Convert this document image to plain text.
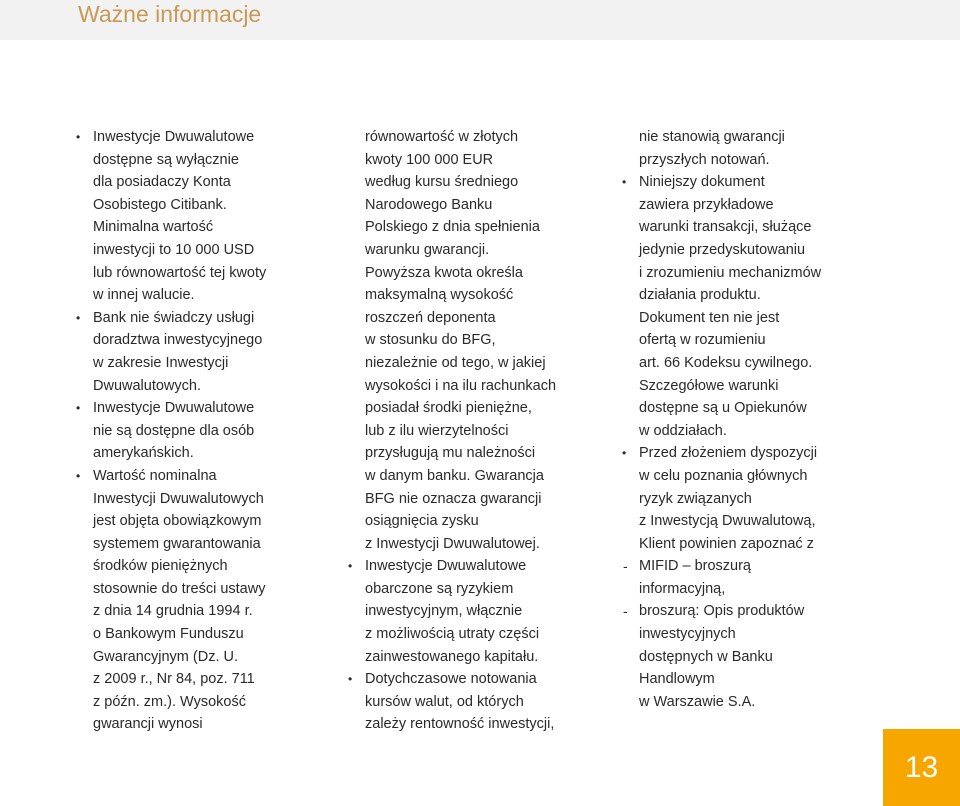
Ważne informacje
• Inwestycje Dwuwalutowe
dostępne są wyłącznie
dla posiadaczy Konta
Osobistego Citibank.
Minimalna wartość
inwestycji to 10 000 USD
lub równowartość tej kwoty
w innej walucie.
• Bank nie świadczy usługi
doradztwa inwestycyjnego
w zakresie Inwestycji
Dwuwalutowych.
• Inwestycje Dwuwalutowe
nie są dostępne dla osób
amerykańskich.
• Wartość nominalna
Inwestycji Dwuwalutowych
jest objęta obowiązkowym
systemem gwarantowania
środków pieniężnych
stosownie do treści ustawy
z dnia 14 grudnia 1994 r.
o Bankowym Funduszu
Gwarancyjnym (Dz. U.
z 2009 r., Nr 84, poz. 711
z późn. zm.). Wysokość
gwarancji wynosi
równowartość w złotych
kwoty 100 000 EUR
według kursu średniego
Narodowego Banku
Polskiego z dnia spełnienia
warunku gwarancji.
Powyższa kwota określa
maksymalną wysokość
roszczeń deponenta
w stosunku do BFG,
niezależnie od tego, w jakiej
wysokości i na ilu rachunkach
posiadał środki pieniężne,
lub z ilu wierzytelności
przysługują mu należności
w danym banku. Gwarancja
BFG nie oznacza gwarancji
osiągnięcia zysku
z Inwestycji Dwuwalutowej.
• Inwestycje Dwuwalutowe
obarczone są ryzykiem
inwestycyjnym, włącznie
z możliwością utraty części
zainwestowanego kapitału.
• Dotychczasowe notowania
kursów walut, od których
zależy rentowność inwestycji,
nie stanowią gwarancji
przyszłych notowań.
• Niniejszy dokument
zawiera przykładowe
warunki transakcji, służące
jedynie przedyskutowaniu
i zrozumieniu mechanizmów
działania produktu.
Dokument ten nie jest
ofertą w rozumieniu
art. 66 Kodeksu cywilnego.
Szczegółowe warunki
dostępne są u Opiekunów
w oddziałach.
• Przed złożeniem dyspozycji
w celu poznania głównych
ryzyk związanych
z Inwestycją Dwuwalutową,
Klient powinien zapoznać z
- MIFID – broszurą
informacyjną,
- broszurą: Opis produktów
inwestycyjnych
dostępnych w Banku
Handlowym
w Warszawie S.A.
13
